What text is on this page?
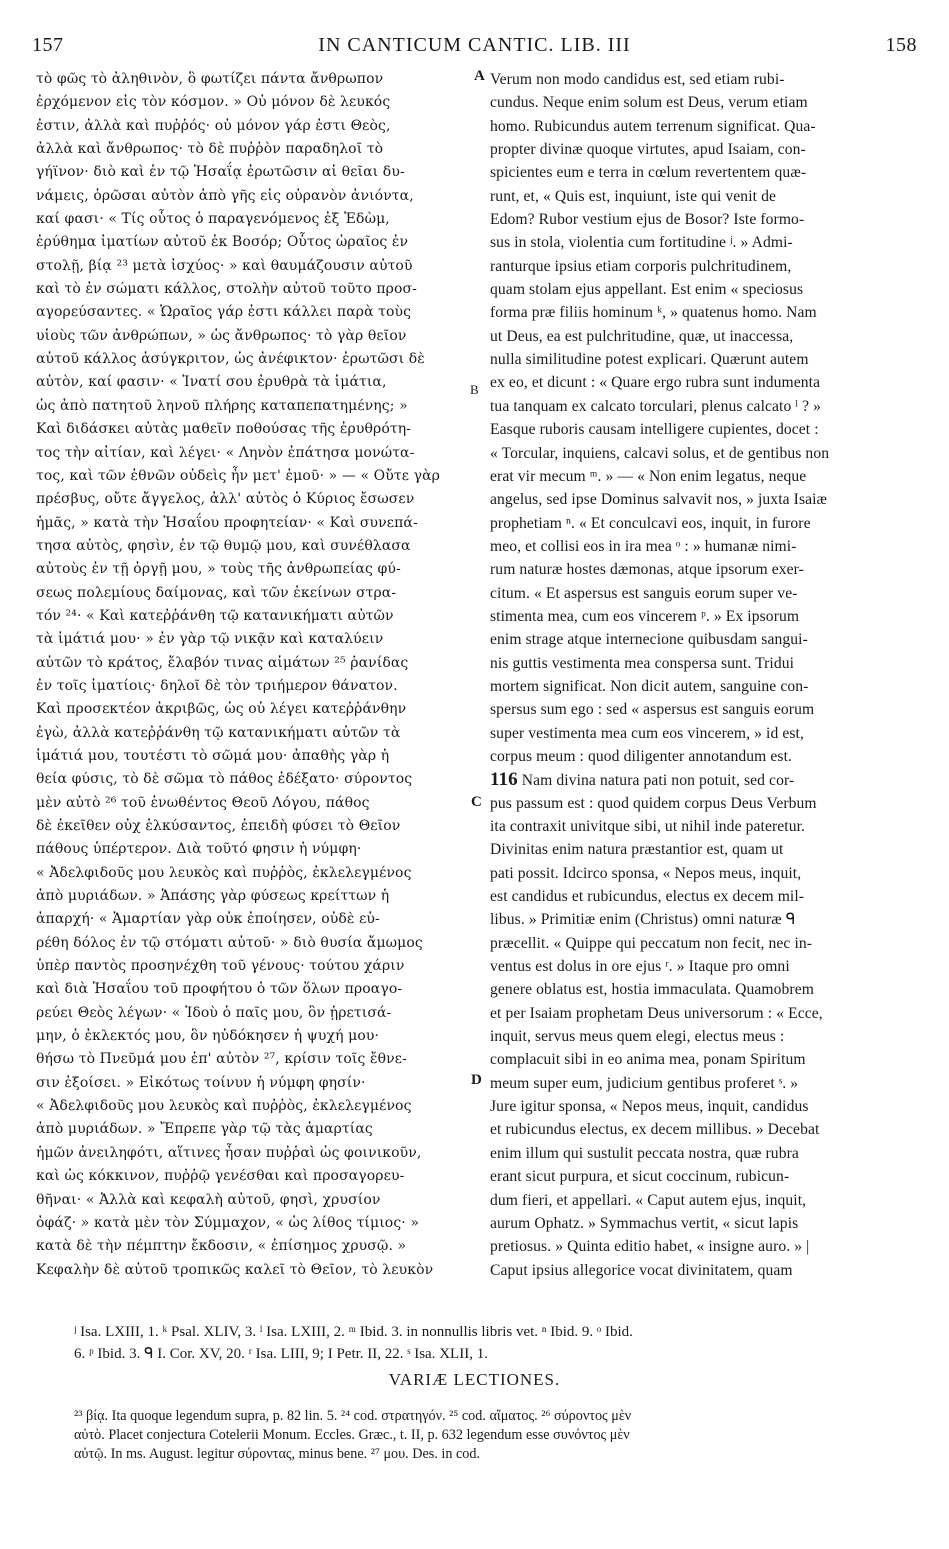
157	IN CANTICUM CANTIC. LIB. III	158
τὸ φῶς τὸ ἀληθινὸν, ὃ φωτίζει πάντα ἄνθρωπον
ἐρχόμενον εἰς τὸν κόσμον. » Οὐ μόνον δὲ λευκός
ἐστιν, ἀλλὰ καὶ πυῤῥός· οὐ μόνον γάρ ἐστι Θεὸς,
ἀλλὰ καὶ ἄνθρωπος· τὸ δὲ πυῤῥὸν παραδηλοῖ τὸ
γήϊνον· διὸ καὶ ἐν τῷ Ἡσαΐᾳ ἐρωτῶσιν αἱ θεῖαι δυ-
νάμεις, ὁρῶσαι αὐτὸν ἀπὸ γῆς εἰς οὐρανὸν ἀνιόντα,
καί φασι· « Τίς οὗτος ὁ παραγενόμενος ἐξ Ἐδὼμ,
ἐρύθημα ἱματίων αὐτοῦ ἐκ Βοσόρ; Οὗτος ὡραῖος ἐν
στολῇ, βίᾳ ²³ μετὰ ἰσχύος· » καὶ θαυμάζουσιν αὐτοῦ
καὶ τὸ ἐν σώματι κάλλος, στολὴν αὐτοῦ τοῦτο προσ-
αγορεύσαντες. « Ὡραῖος γάρ ἐστι κάλλει παρὰ τοὺς
υἱοὺς τῶν ἀνθρώπων, » ὡς ἄνθρωπος· τὸ γὰρ θεῖον
αὐτοῦ κάλλος ἀσύγκριτον, ὡς ἀνέφικτον· ἐρωτῶσι δὲ
αὐτὸν, καί φασιν· « Ἱνατί σου ἐρυθρὰ τὰ ἱμάτια,
ὡς ἀπὸ πατητοῦ ληνοῦ πλήρης καταπεπατημένης; »
Καὶ διδάσκει αὐτὰς μαθεῖν ποθούσας τῆς ἐρυθρότη-
τος τὴν αἰτίαν, καὶ λέγει· « Ληνὸν ἐπάτησα μονώτα-
τος, καὶ τῶν ἐθνῶν οὐδεὶς ἦν μετ' ἐμοῦ· » — « Οὔτε γὰρ
πρέσβυς, οὔτε ἄγγελος, ἀλλ' αὐτὸς ὁ Κύριος ἔσωσεν
ἡμᾶς, » κατὰ τὴν Ἡσαΐου προφητείαν· « Καὶ συνεπά-
τησα αὐτὸς, φησὶν, ἐν τῷ θυμῷ μου, καὶ συνέθλασα
αὐτοὺς ἐν τῇ ὀργῇ μου, » τοὺς τῆς ἀνθρωπείας φύ-
σεως πολεμίους δαίμονας, καὶ τῶν ἐκείνων στρα-
τόν ²⁴· « Καὶ κατεῤῥάνθη τῷ κατανικήματι αὐτῶν
τὰ ἱμάτιά μου· » ἐν γὰρ τῷ νικᾷν καὶ καταλύειν
αὐτῶν τὸ κράτος, ἔλαβόν τινας αἱμάτων ²⁵ ῥανίδας
ἐν τοῖς ἱματίοις· δηλοῖ δὲ τὸν τριήμερον θάνατον.
Καὶ προσεκτέον ἀκριβῶς, ὡς οὐ λέγει κατεῤῥάνθην
ἐγὼ, ἀλλὰ κατεῤῥάνθη τῷ κατανικήματι αὐτῶν τὰ
ἱμάτιά μου, τουτέστι τὸ σῶμά μου· ἀπαθὴς γὰρ ἡ
θεία φύσις, τὸ δὲ σῶμα τὸ πάθος ἐδέξατο· σύροντος
μὲν αὐτὸ ²⁶ τοῦ ἑνωθέντος Θεοῦ Λόγου, πάθος
δὲ ἐκεῖθεν οὐχ ἑλκύσαντος, ἐπειδὴ φύσει τὸ Θεῖον
πάθους ὑπέρτερον. Διὰ τοῦτό φησιν ἡ νύμφη·
« Ἀδελφιδοῦς μου λευκὸς καὶ πυῤῥὸς, ἐκλελεγμένος
ἀπὸ μυριάδων. » Ἁπάσης γὰρ φύσεως κρείττων ἡ
ἀπαρχή· « Ἁμαρτίαν γὰρ οὐκ ἐποίησεν, οὐδὲ εὑ-
ρέθη δόλος ἐν τῷ στόματι αὐτοῦ· » διὸ θυσία ἄμωμος
ὑπὲρ παντὸς προσηνέχθη τοῦ γένους· τούτου χάριν
καὶ διὰ Ἡσαΐου τοῦ προφήτου ὁ τῶν ὅλων προαγο-
ρεύει Θεὸς λέγων· « Ἰδοὺ ὁ παῖς μου, ὃν ᾑρετισά-
μην, ὁ ἐκλεκτός μου, ὃν ηὐδόκησεν ἡ ψυχή μου·
θήσω τὸ Πνεῦμά μου ἐπ' αὐτὸν ²⁷, κρίσιν τοῖς ἔθνε-
σιν ἐξοίσει. » Εἰκότως τοίνυν ἡ νύμφη φησίν·
« Ἀδελφιδοῦς μου λευκὸς καὶ πυῤῥὸς, ἐκλελεγμένος
ἀπὸ μυριάδων. » Ἔπρεπε γὰρ τῷ τὰς ἁμαρτίας
ἡμῶν ἀνειληφότι, αἵτινες ἦσαν πυῤῥαὶ ὡς φοινικοῦν,
καὶ ὡς κόκκινον, πυῤῥῷ γενέσθαι καὶ προσαγορευ-
θῆναι· « Ἀλλὰ καὶ κεφαλὴ αὐτοῦ, φησὶ, χρυσίον
ὀφάζ· » κατὰ μὲν τὸν Σύμμαχον, « ὡς λίθος τίμιος· »
κατὰ δὲ τὴν πέμπτην ἔκδοσιν, « ἐπίσημος χρυσῷ. »
Κεφαλὴν δὲ αὐτοῦ τροπικῶς καλεῖ τὸ Θεῖον, τὸ λευκὸν
Verum non modo candidus est, sed etiam rubi-
cundus. Neque enim solum est Deus, verum etiam
homo. Rubicundus autem terrenum significat. Qua-
propter divinæ quoque virtutes, apud Isaiam, con-
spicientes eum e terra in cœlum revertentem quæ-
runt, et, « Quis est, inquiunt, iste qui venit de
Edom? Rubor vestium ejus de Bosor? Iste formo-
sus in stola, violentia cum fortitudine ʲ. » Admi-
ranturque ipsius etiam corporis pulchritudinem,
quam stolam ejus appellant. Est enim « speciosus
forma præ filiis hominum ᵏ, » quatenus homo. Nam
ut Deus, ea est pulchritudine, quæ, ut inaccessa,
nulla similitudine potest explicari. Quærunt autem
ex eo, et dicunt : « Quare ergo rubra sunt indumenta
tua tanquam ex calcato torculari, plenus calcato ˡ ? »
Easque ruboris causam intelligere cupientes, docet :
« Torcular, inquiens, calcavi solus, et de gentibus non
erat vir mecum ᵐ. » — « Non enim legatus, neque
angelus, sed ipse Dominus salvavit nos, » juxta Isaiæ
prophetiam ⁿ. « Et conculcavi eos, inquit, in furore
meo, et collisi eos in ira mea ᵒ : » humanæ nimi-
rum naturæ hostes dæmonas, atque ipsorum exer-
citum. « Et aspersus est sanguis eorum super ve-
stimenta mea, cum eos vincerem ᵖ. » Ex ipsorum
enim strage atque internecione quibusdam sangui-
nis guttis vestimenta mea conspersa sunt. Tridui
mortem significat. Non dicit autem, sanguine con-
spersus sum ego : sed « aspersus est sanguis eorum
super vestimenta mea cum eos vincerem, » id est,
corpus meum : quod diligenter annotandum est.
116 Nam divina natura pati non potuit, sed cor-
pus passum est : quod quidem corpus Deus Verbum
ita contraxit univitque sibi, ut nihil inde pateretur.
Divinitas enim natura præstantior est, quam ut
pati possit. Idcirco sponsa, « Nepos meus, inquit,
est candidus et rubicundus, electus ex decem mil-
libus. » Primitiæ enim (Christus) omni naturæ ᑫ
præcellit. « Quippe qui peccatum non fecit, nec in-
ventus est dolus in ore ejus ʳ. » Itaque pro omni
genere oblatus est, hostia immaculata. Quamobrem
et per Isaiam prophetam Deus universorum : « Ecce,
inquit, servus meus quem elegi, electus meus :
complacuit sibi in eo anima mea, ponam Spiritum
meum super eum, judicium gentibus proferet ˢ. »
Jure igitur sponsa, « Nepos meus, inquit, candidus
et rubicundus electus, ex decem millibus. » Decebat
enim illum qui sustulit peccata nostra, quæ rubra
erant sicut purpura, et sicut coccinum, rubicun-
dum fieri, et appellari. « Caput autem ejus, inquit,
aurum Ophatz. » Symmachus vertit, « sicut lapis
pretiosus. » Quinta editio habet, « insigne auro. » |
Caput ipsius allegorice vocat divinitatem, quam
A
B
C
D
ʲ Isa. LXIII, 1. ᵏ Psal. XLIV, 3. ˡ Isa. LXIII, 2. ᵐ Ibid. 3. in nonnullis libris vet. ⁿ Ibid. 9. ᵒ Ibid.
6. ᵖ Ibid. 3. ᑫ I. Cor. XV, 20. ʳ Isa. LIII, 9; I Petr. II, 22. ˢ Isa. XLII, 1.
VARIÆ LECTIONES.
²³ βίᾳ. Ita quoque legendum supra, p. 82 lin. 5. ²⁴ cod. στρατηγόν. ²⁵ cod. αἴματος. ²⁶ σύροντος μὲν
αὐτὸ. Placet conjectura Cotelerii Monum. Eccles. Græc., t. II, p. 632 legendum esse συνόντος μὲν
αὐτῷ. In ms. August. legitur σύροντας, minus bene. ²⁷ μου. Des. in cod.
